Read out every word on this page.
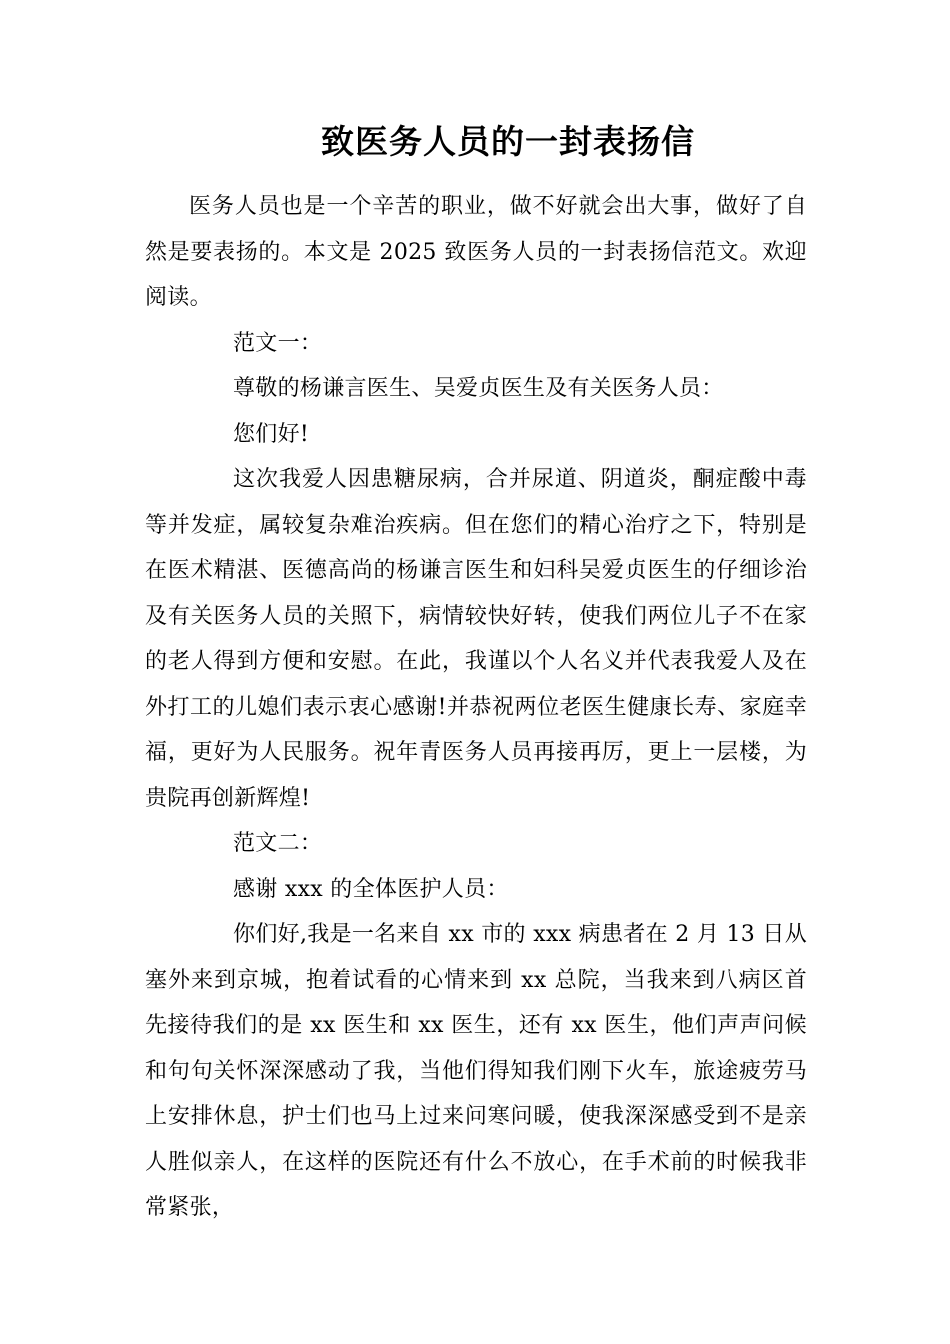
致医务人员的一封表扬信

医务人员也是一个辛苦的职业，做不好就会出大事，做好了自然是要表扬的。本文是 2025 致医务人员的一封表扬信范文。欢迎阅读。

范文一：

尊敬的杨谦言医生、吴爱贞医生及有关医务人员：

您们好!

这次我爱人因患糖尿病，合并尿道、阴道炎，酮症酸中毒等并发症，属较复杂难治疾病。但在您们的精心治疗之下，特别是在医术精湛、医德高尚的杨谦言医生和妇科吴爱贞医生的仔细诊治及有关医务人员的关照下，病情较快好转，使我们两位儿子不在家的老人得到方便和安慰。在此，我谨以个人名义并代表我爱人及在外打工的儿媳们表示衷心感谢!并恭祝两位老医生健康长寿、家庭幸福，更好为人民服务。祝年青医务人员再接再厉，更上一层楼，为贵院再创新辉煌!

范文二：

感谢 xxx 的全体医护人员：

你们好,我是一名来自 xx 市的 xxx 病患者在 2 月 13 日从塞外来到京城，抱着试看的心情来到 xx 总院，当我来到八病区首先接待我们的是 xx 医生和 xx 医生，还有 xx 医生，他们声声问候和句句关怀深深感动了我，当他们得知我们刚下火车，旅途疲劳马上安排休息，护士们也马上过来问寒问暖，使我深深感受到不是亲人胜似亲人，在这样的医院还有什么不放心，在手术前的时候我非常紧张，
